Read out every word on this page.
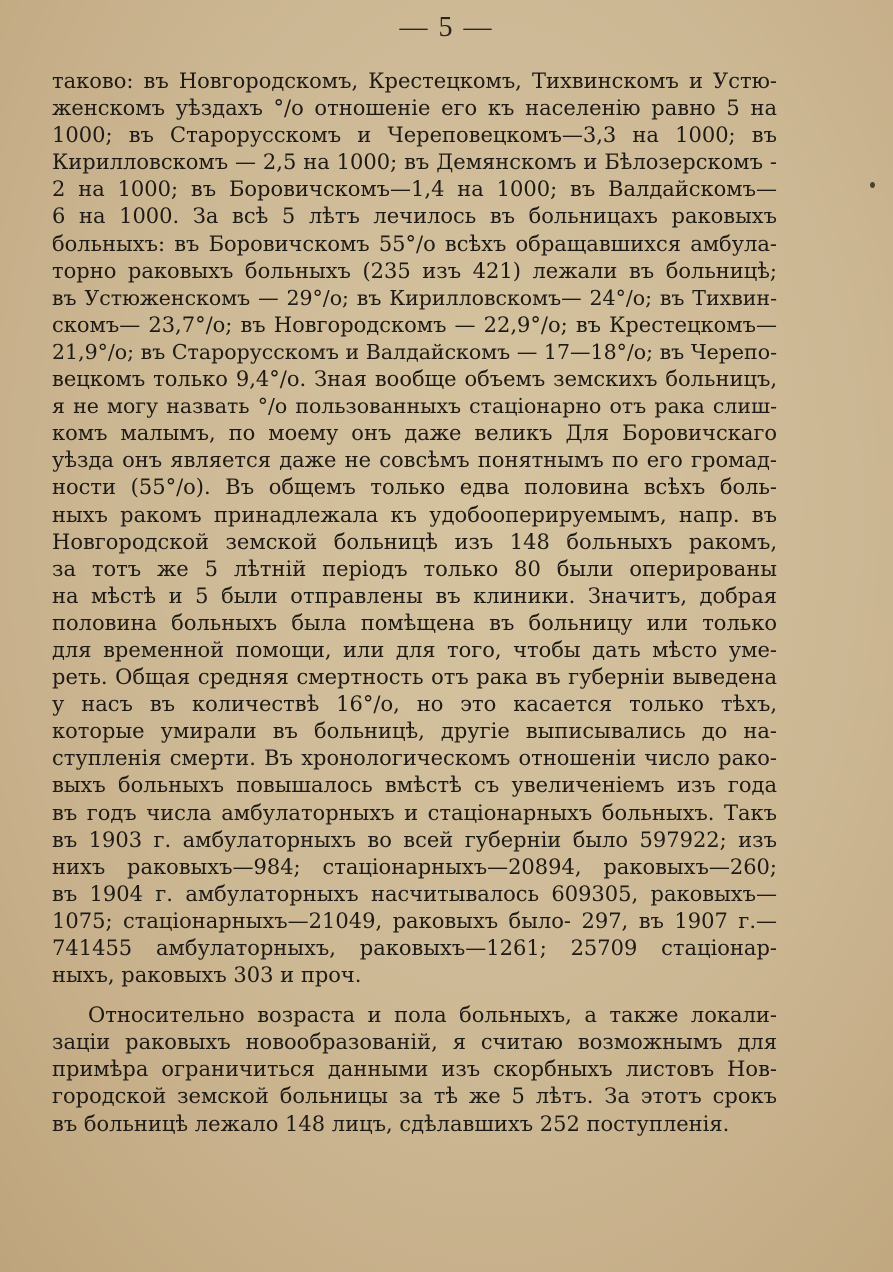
— 5 —
таково: въ Новгородскомъ, Крестецкомъ, Тихвинскомъ и Устю-
женскомъ уѣздахъ °/о отношеніе его къ населенію равно 5 на
1000; въ Старорусскомъ и Череповецкомъ—3,3 на 1000; въ
Кирилловскомъ — 2,5 на 1000; въ Демянскомъ и Бѣлозерскомъ -
2 на 1000; въ Боровичскомъ—1,4 на 1000; въ Валдайскомъ—
6 на 1000. За всѣ 5 лѣтъ лечилось въ больницахъ раковыхъ
больныхъ: въ Боровичскомъ 55°/о всѣхъ обращавшихся амбула-
торно раковыхъ больныхъ (235 изъ 421) лежали въ больницѣ;
въ Устюженскомъ — 29°/о; въ Кирилловскомъ— 24°/о; въ Тихвин-
скомъ— 23,7°/о; въ Новгородскомъ — 22,9°/о; въ Крестецкомъ—
21,9°/о; въ Старорусскомъ и Валдайскомъ — 17—18°/о; въ Черепо-
вецкомъ только 9,4°/о. Зная вообще объемъ земскихъ больницъ,
я не могу назвать °/о пользованныхъ стаціонарно отъ рака слиш-
комъ малымъ, по моему онъ даже великъ Для Боровичскаго
уѣзда онъ является даже не совсѣмъ понятнымъ по его громад-
ности (55°/о). Въ общемъ только едва половина всѣхъ боль-
ныхъ ракомъ принадлежала къ удобооперируемымъ, напр. въ
Новгородской земской больницѣ изъ 148 больныхъ ракомъ,
за тотъ же 5 лѣтній періодъ только 80 были оперированы
на мѣстѣ и 5 были отправлены въ клиники. Значитъ, добрая
половина больныхъ была помѣщена въ больницу или только
для временной помощи, или для того, чтобы дать мѣсто уме-
реть. Общая средняя смертность отъ рака въ губерніи выведена
у насъ въ количествѣ 16°/о, но это касается только тѣхъ,
которые умирали въ больницѣ, другіе выписывались до на-
ступленія смерти. Въ хронологическомъ отношеніи число рако-
выхъ больныхъ повышалось вмѣстѣ съ увеличеніемъ изъ года
въ годъ числа амбулаторныхъ и стаціонарныхъ больныхъ. Такъ
въ 1903 г. амбулаторныхъ во всей губерніи было 597922; изъ
нихъ раковыхъ—984; стаціонарныхъ—20894, раковыхъ—260;
въ 1904 г. амбулаторныхъ насчитывалось 609305, раковыхъ—
1075; стаціонарныхъ—21049, раковыхъ было- 297, въ 1907 г.—
741455 амбулаторныхъ, раковыхъ—1261; 25709 стаціонар-
ныхъ, раковыхъ 303 и проч.
Относительно возраста и пола больныхъ, а также локали-
заціи раковыхъ новообразованій, я считаю возможнымъ для
примѣра ограничиться данными изъ скорбныхъ листовъ Нов-
городской земской больницы за тѣ же 5 лѣтъ. За этотъ срокъ
въ больницѣ лежало 148 лицъ, сдѣлавшихъ 252 поступленія.
